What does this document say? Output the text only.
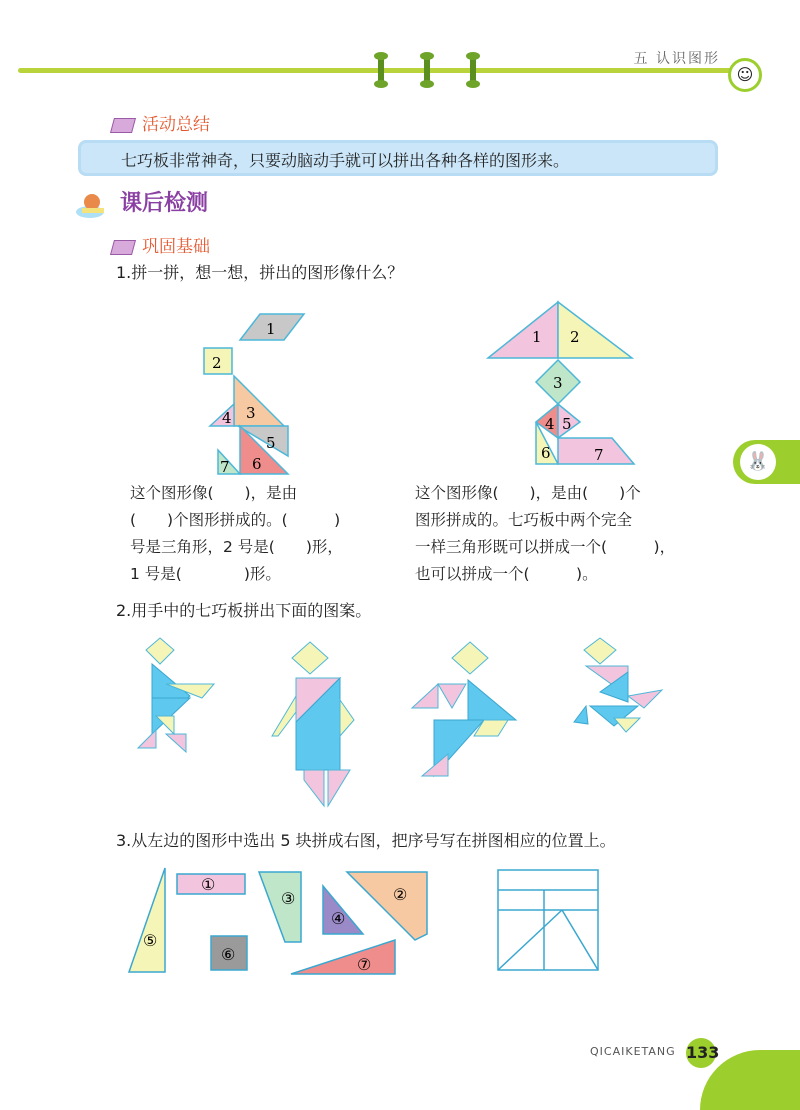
五 认识图形
☺
活动总结
七巧板非常神奇，只要动脑动手就可以拼出各种各样的图形来。
课后检测
巩固基础
1.拼一拼，想一想，拼出的图形像什么？
1
2
3
4
5
6
7
1 2
3
4 5
6	7
这个图形像(　　)，是由
(　　)个图形拼成的。(　　　)
号是三角形，2 号是(　　)形，
1 号是(　　　　)形。
这个图形像(　　)，是由(　　)个
图形拼成的。七巧板中两个完全
一样三角形既可以拼成一个(　　　)，
也可以拼成一个(　　　)。
2.用手中的七巧板拼出下面的图案。
3.从左边的图形中选出 5 块拼成右图，把序号写在拼图相应的位置上。
①
②
③
④
⑤
⑥
⑦
🐰
QICAIKETANG 133
